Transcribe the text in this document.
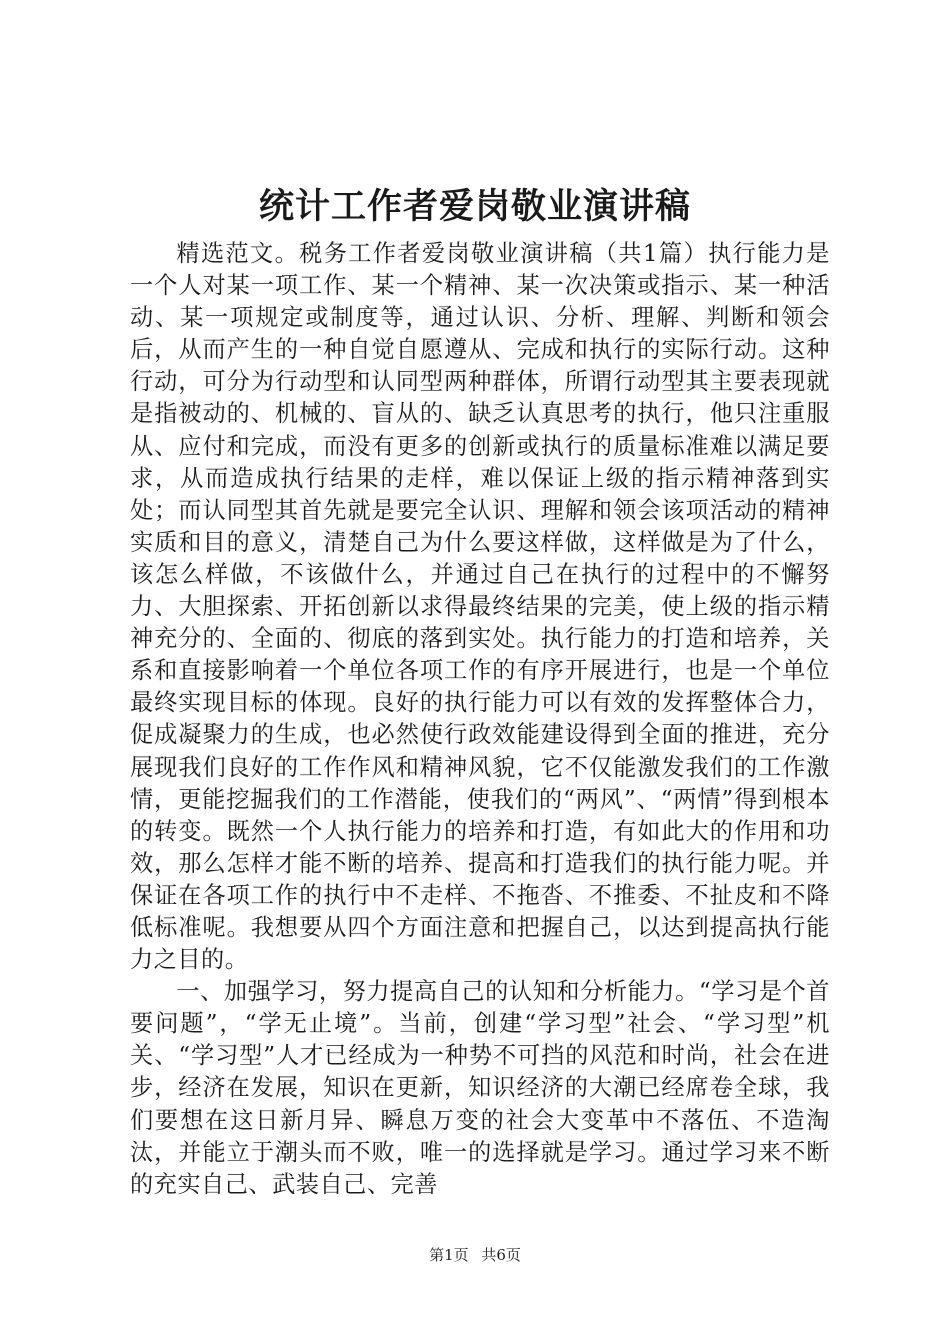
统计工作者爱岗敬业演讲稿

精选范文。税务工作者爱岗敬业演讲稿（共1篇）执行能力是一个人对某一项工作、某一个精神、某一次决策或指示、某一种活动、某一项规定或制度等，通过认识、分析、理解、判断和领会后，从而产生的一种自觉自愿遵从、完成和执行的实际行动。这种行动，可分为行动型和认同型两种群体，所谓行动型其主要表现就是指被动的、机械的、盲从的、缺乏认真思考的执行，他只注重服从、应付和完成，而没有更多的创新或执行的质量标准难以满足要求，从而造成执行结果的走样，难以保证上级的指示精神落到实处；而认同型其首先就是要完全认识、理解和领会该项活动的精神实质和目的意义，清楚自己为什么要这样做，这样做是为了什么，该怎么样做，不该做什么，并通过自己在执行的过程中的不懈努力、大胆探索、开拓创新以求得最终结果的完美，使上级的指示精神充分的、全面的、彻底的落到实处。执行能力的打造和培养，关系和直接影响着一个单位各项工作的有序开展进行，也是一个单位最终实现目标的体现。良好的执行能力可以有效的发挥整体合力，促成凝聚力的生成，也必然使行政效能建设得到全面的推进，充分展现我们良好的工作作风和精神风貌，它不仅能激发我们的工作激情，更能挖掘我们的工作潜能，使我们的“两风”、“两情”得到根本的转变。既然一个人执行能力的培养和打造，有如此大的作用和功效，那么怎样才能不断的培养、提高和打造我们的执行能力呢。并保证在各项工作的执行中不走样、不拖沓、不推委、不扯皮和不降低标准呢。我想要从四个方面注意和把握自己，以达到提高执行能力之目的。

一、加强学习，努力提高自己的认知和分析能力。“学习是个首要问题”，“学无止境”。当前，创建“学习型”社会、“学习型”机关、“学习型”人才已经成为一种势不可挡的风范和时尚，社会在进步，经济在发展，知识在更新，知识经济的大潮已经席卷全球，我们要想在这日新月异、瞬息万变的社会大变革中不落伍、不造淘汰，并能立于潮头而不败，唯一的选择就是学习。通过学习来不断的充实自己、武装自己、完善

第1页 共6页
